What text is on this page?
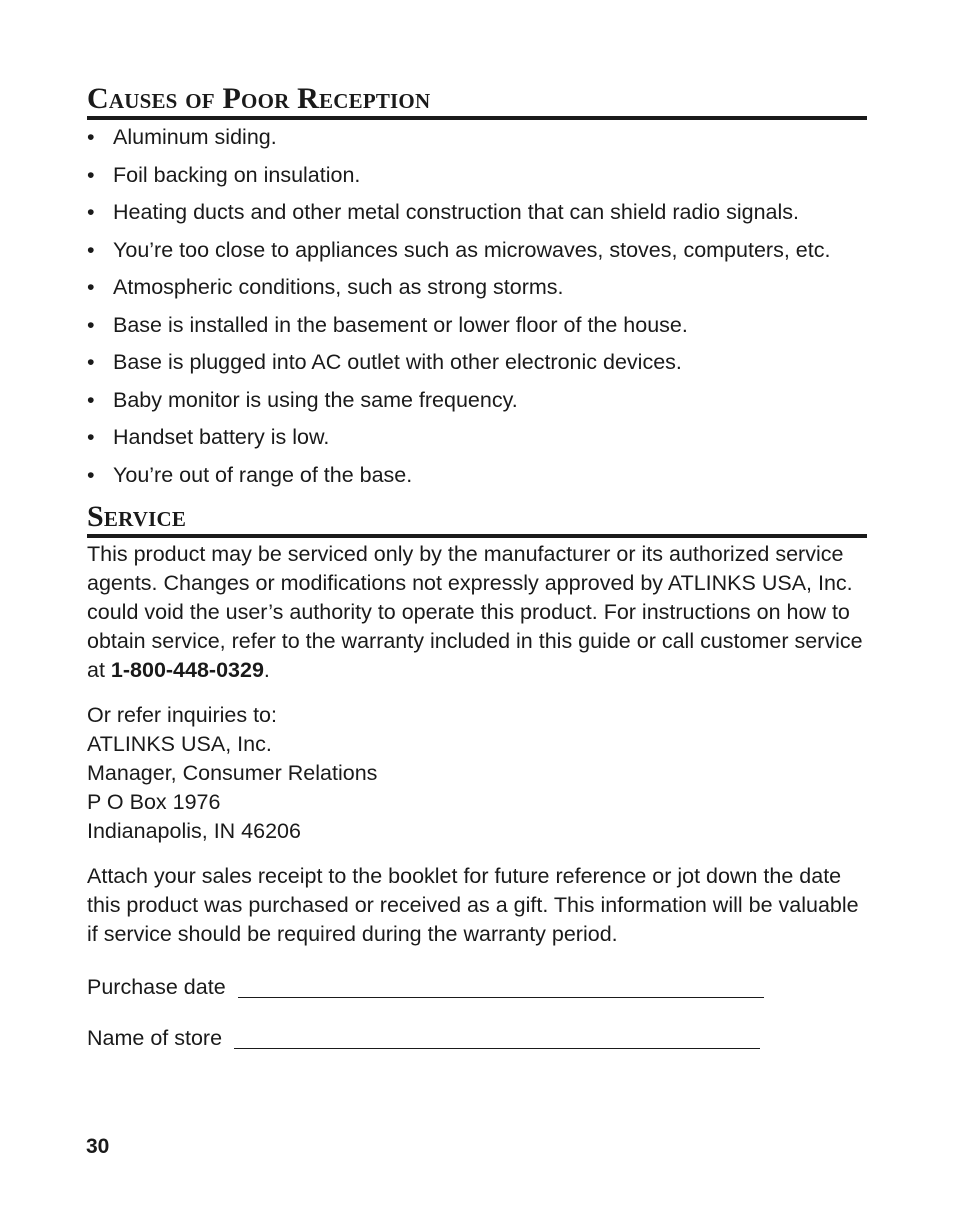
Causes of Poor Reception
• Aluminum siding.
• Foil backing on insulation.
• Heating ducts and other metal construction that can shield radio signals.
• You’re too close to appliances such as microwaves, stoves, computers, etc.
• Atmospheric conditions, such as strong storms.
• Base is installed in the basement or lower floor of the house.
• Base is plugged into AC outlet with other electronic devices.
• Baby monitor is using the same frequency.
• Handset battery is low.
• You’re out of range of the base.
Service

This product may be serviced only by the manufacturer or its authorized service agents. Changes or modifications not expressly approved by ATLINKS USA, Inc. could void the user’s authority to operate this product. For instructions on how to obtain service, refer to the warranty included in this guide or call customer service at 1-800-448-0329.

Or refer inquiries to:
ATLINKS USA, Inc.
Manager, Consumer Relations
P O Box 1976
Indianapolis, IN 46206

Attach your sales receipt to the booklet for future reference or jot down the date this product was purchased or received as a gift. This information will be valuable if service should be required during the warranty period.

Purchase date
Name of store
30
